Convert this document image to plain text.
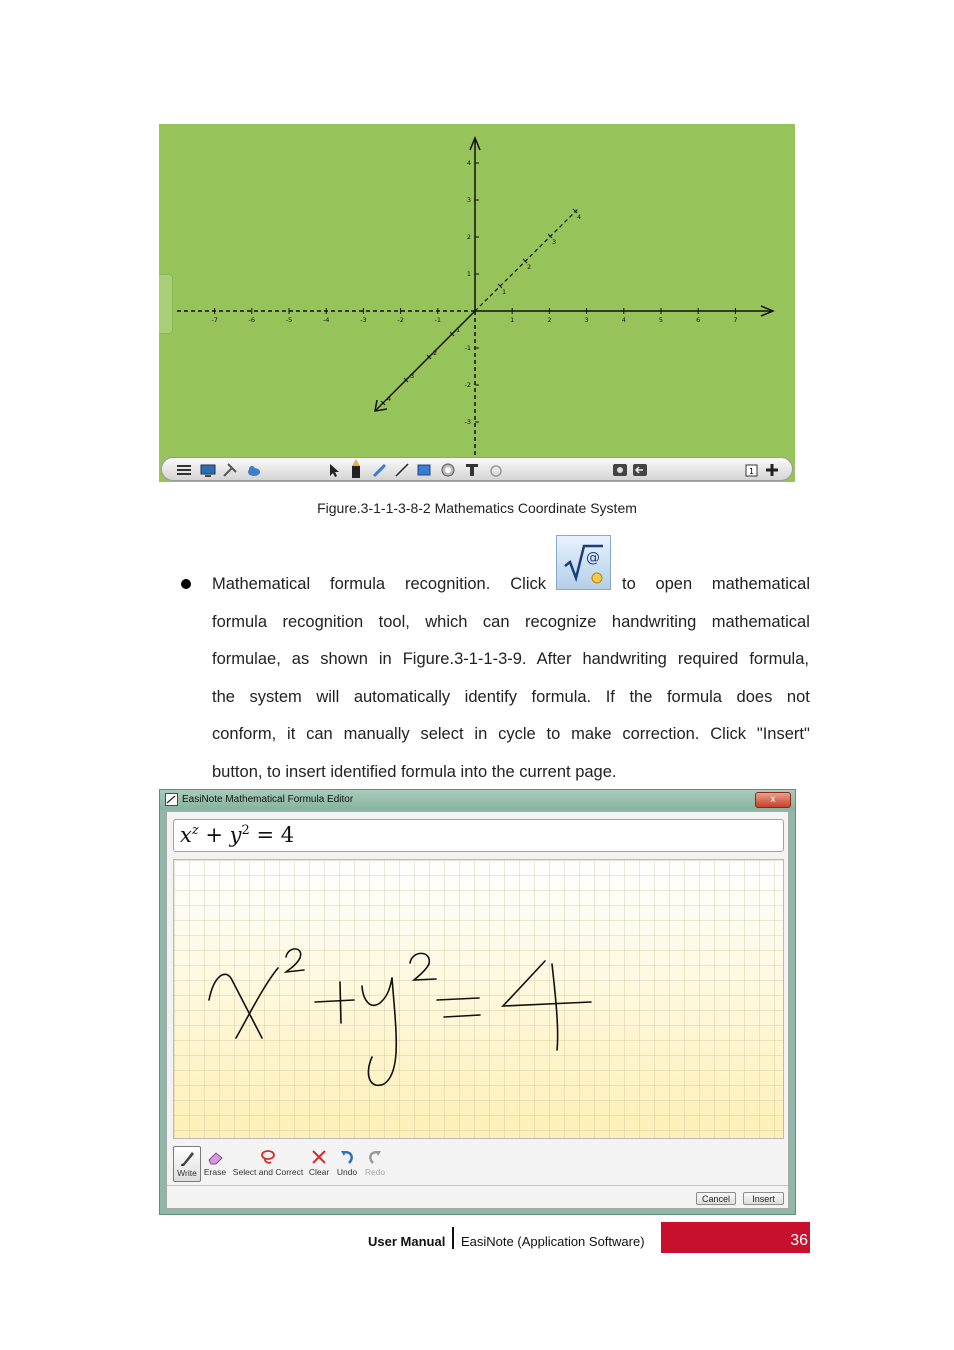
-7	-6	-5	-4	-3	-2	-1	1	2	3	4	5	6	7
4
3
2
1
-1
-2
-3
1
2
3
4
1
2
3
4
1
Figure.3-1-1-3-8-2 Mathematics Coordinate System
Mathematical formula recognition. Click
@
to open mathematical
formula recognition tool, which can recognize handwriting mathematical
formulae, as shown in Figure.3-1-1-3-9. After handwriting required formula,
the system will automatically identify formula. If the formula does not
conform, it can manually select in cycle to make correction. Click "Insert"
button, to insert identified formula into the current page.
EasiNote Mathematical Formula Editor	x
$x^z + y^2 = 4$
Write Erase Select and Correct Clear Undo Redo
Cancel	Insert
User Manual EasiNote (Application Software)	36
